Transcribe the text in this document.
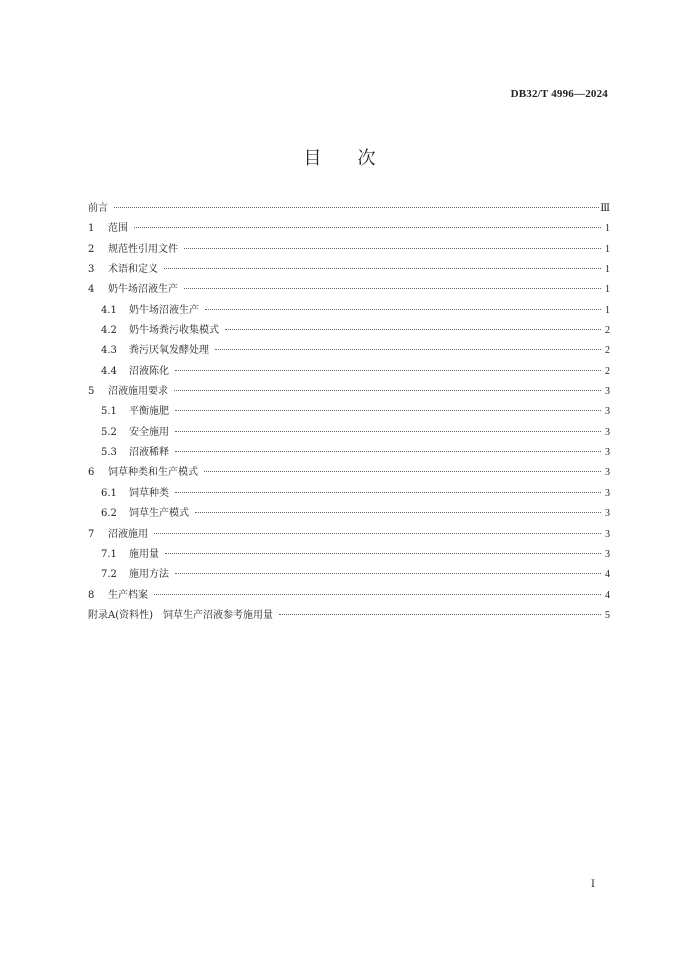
DB32/T 4996—2024
目 次
前言	Ⅲ
1	范围	1
2	规范性引用文件	1
3	术语和定义	1
4	奶牛场沼液生产	1
4.1	奶牛场沼液生产	1
4.2	奶牛场粪污收集模式	2
4.3	粪污厌氧发酵处理	2
4.4	沼液陈化	2
5	沼液施用要求	3
5.1	平衡施肥	3
5.2	安全施用	3
5.3	沼液稀释	3
6	饲草种类和生产模式	3
6.1	饲草种类	3
6.2	饲草生产模式	3
7	沼液施用	3
7.1	施用量	3
7.2	施用方法	4
8	生产档案	4
附录A(资料性)　饲草生产沼液参考施用量	5
Ⅰ
